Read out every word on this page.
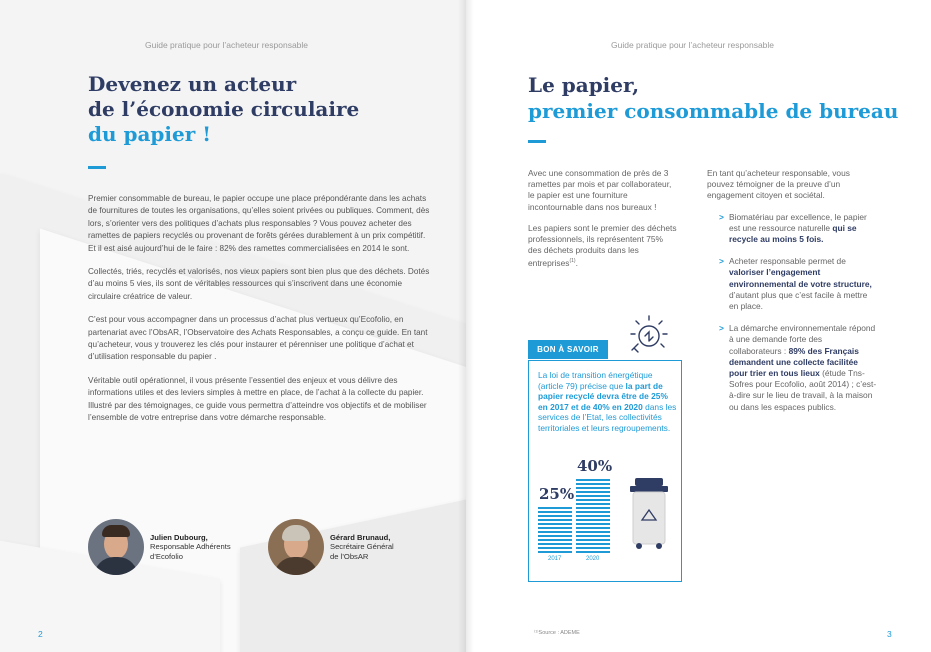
Guide pratique pour l’acheteur responsable
Devenez un acteur
de l’économie circulaire
du papier !

Premier consommable de bureau, le papier occupe une place prépondérante dans les achats de fournitures de toutes les organisations, qu’elles soient privées ou publiques. Comment, dès lors, s’orienter vers des politiques d’achats plus responsables ? Vous pouvez acheter des ramettes de papiers recyclés ou provenant de forêts gérées durablement à un prix compétitif. Et il est aisé aujourd’hui de le faire : 82% des ramettes commercialisées en 2014 le sont.

Collectés, triés, recyclés et valorisés, nos vieux papiers sont bien plus que des déchets. Dotés d’au moins 5 vies, ils sont de véritables ressources qui s’inscrivent dans une économie circulaire créatrice de valeur.

C’est pour vous accompagner dans un processus d’achat plus vertueux qu’Ecofolio, en partenariat avec l’ObsAR, l’Observatoire des Achats Responsables, a conçu ce guide. En tant qu’acheteur, vous y trouverez les clés pour instaurer et pérenniser une politique d’achat et d’utilisation responsable du papier .

Véritable outil opérationnel, il vous présente l’essentiel des enjeux et vous délivre des informations utiles et des leviers simples à mettre en place, de l’achat à la collecte du papier. Illustré par des témoignages, ce guide vous permettra d’atteindre vos objectifs et de mobiliser l’ensemble de votre entreprise dans votre démarche responsable.

Julien Dubourg,
Responsable Adhérents
d’Ecofolio
Gérard Brunaud,
Secrétaire Général
de l’ObsAR
2
Guide pratique pour l’acheteur responsable
Le papier,
premier consommable de bureau

Avec une consommation de près de 3 ramettes par mois et par collaborateur, le papier est une fourniture incontournable dans nos bureaux !

Les papiers sont le premier des déchets professionnels, ils représentent 75% des déchets produits dans les entreprises$^{(1)}$.

En tant qu’acheteur responsable, vous pouvez témoigner de la preuve d’un engagement citoyen et sociétal.

> Biomatériau par excellence, le papier est une ressource naturelle qui se recycle au moins 5 fois.
> Acheter responsable permet de valoriser l’engagement environnemental de votre structure, d’autant plus que c’est facile à mettre en place.
> La démarche environnementale répond à une demande forte des collaborateurs : 89% des Français demandent une collecte facilitée pour trier en tous lieux (étude Tns-Sofres pour Ecofolio, août 2014) ; c’est-à-dire sur le lieu de travail, à la maison ou dans les espaces publics.
BON À SAVOIR
La loi de transition énergétique (article 79) précise que la part de papier recyclé devra être de 25% en 2017 et de 40% en 2020 dans les services de l’Etat, les collectivités territoriales et leurs regroupements.
25%
2017
40%
2020
⁽¹⁾Source : ADEME	3
